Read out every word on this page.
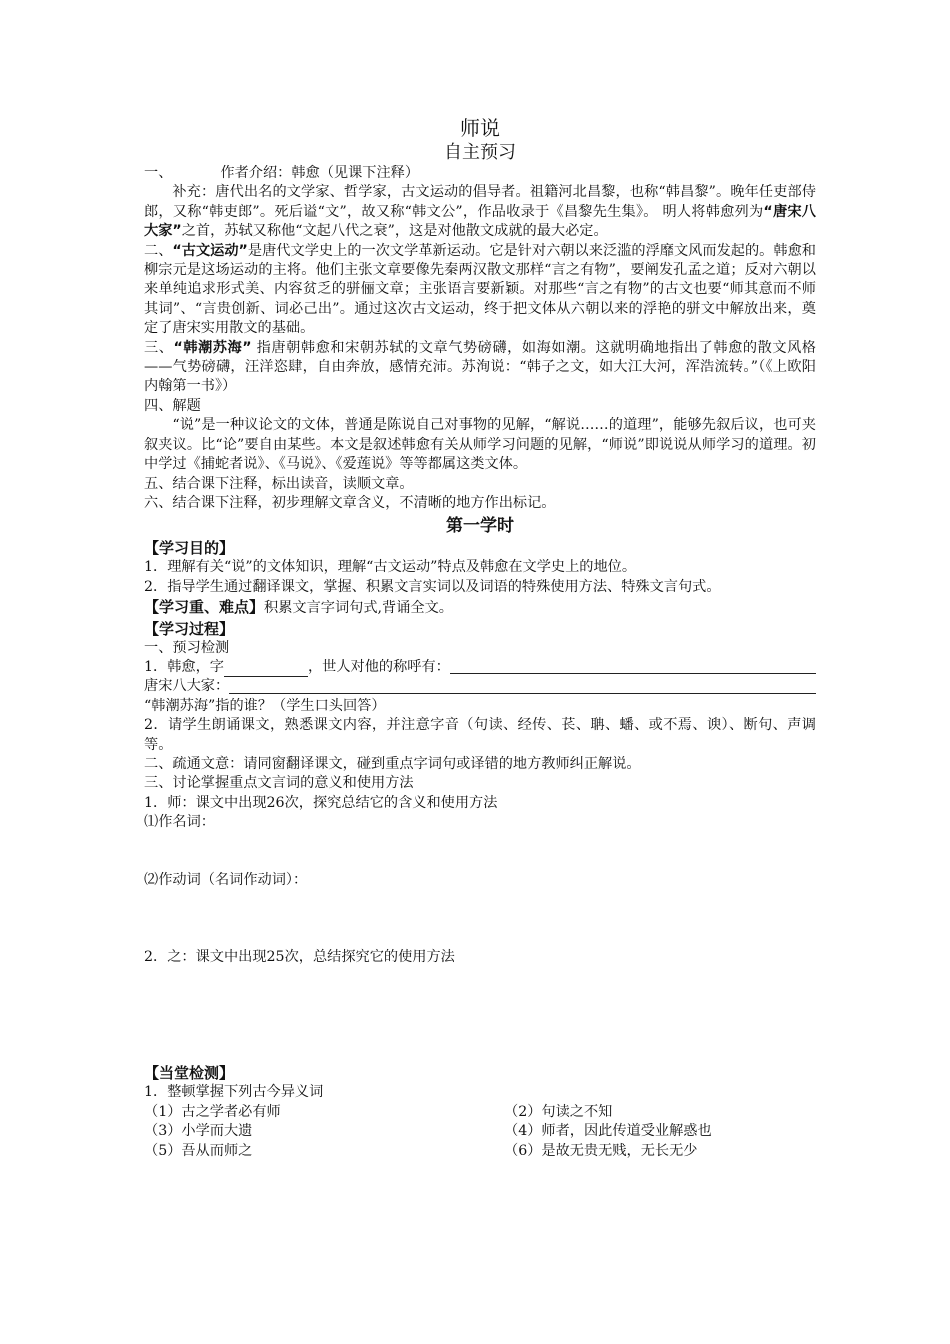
师说
自主预习

一、	作者介绍：韩愈（见课下注释）

补充：唐代出名的文学家、哲学家，古文运动的倡导者。祖籍河北昌黎，也称“韩昌黎”。晚年任吏部侍郎，又称“韩吏郎”。死后谥“文”，故又称“韩文公”，作品收录于《昌黎先生集》。 明人将韩愈列为“唐宋八大家”之首，苏轼又称他“文起八代之衰”，这是对他散文成就的最大必定。

二、“古文运动”是唐代文学史上的一次文学革新运动。它是针对六朝以来泛滥的浮靡文风而发起的。韩愈和柳宗元是这场运动的主将。他们主张文章要像先秦两汉散文那样“言之有物”，要阐发孔孟之道；反对六朝以来单纯追求形式美、内容贫乏的骈俪文章；主张语言要新颖。对那些“言之有物”的古文也要“师其意而不师其词”、“言贵创新、词必己出”。通过这次古文运动，终于把文体从六朝以来的浮艳的骈文中解放出来，奠定了唐宋实用散文的基础。

三、“韩潮苏海” 指唐朝韩愈和宋朝苏轼的文章气势磅礴，如海如潮。这就明确地指出了韩愈的散文风格——气势磅礴，汪洋恣肆，自由奔放，感情充沛。苏洵说：“韩子之文，如大江大河，浑浩流转。”（《上欧阳内翰第一书》）

四、解题

“说”是一种议论文的文体，普通是陈说自己对事物的见解，“解说……的道理”，能够先叙后议，也可夹叙夹议。比“论”要自由某些。本文是叙述韩愈有关从师学习问题的见解，“师说”即说说从师学习的道理。初中学过《捕蛇者说》、《马说》、《爱莲说》等等都属这类文体。

五、结合课下注释，标出读音，读顺文章。

六、结合课下注释，初步理解文章含义，不清晰的地方作出标记。

第一学时

【学习目的】

1．理解有关“说”的文体知识，理解“古文运动”特点及韩愈在文学史上的地位。

2．指导学生通过翻译课文，掌握、积累文言实词以及词语的特殊使用方法、特殊文言句式。

【学习重、难点】积累文言字词句式,背诵全文。

【学习过程】

一、预习检测

1．韩愈，字	，世人对他的称呼有：
唐宋八大家：

“韩潮苏海”指的谁？（学生口头回答）

2．请学生朗诵课文，熟悉课文内容，并注意字音（句读、经传、苌、聃、蟠、或不焉、谀）、断句、声调等。

二、疏通文意：请同窗翻译课文，碰到重点字词句或译错的地方教师纠正解说。

三、讨论掌握重点文言词的意义和使用方法

1．师：课文中出现26次，探究总结它的含义和使用方法

⑴作名词：

⑵作动词（名词作动词）：

2．之：课文中出现25次，总结探究它的使用方法

【当堂检测】

1．整顿掌握下列古今异义词

（1）古之学者必有师	（2）句读之不知
（3）小学而大遗	（4）师者，因此传道受业解惑也
（5）吾从而师之	（6）是故无贵无贱，无长无少
